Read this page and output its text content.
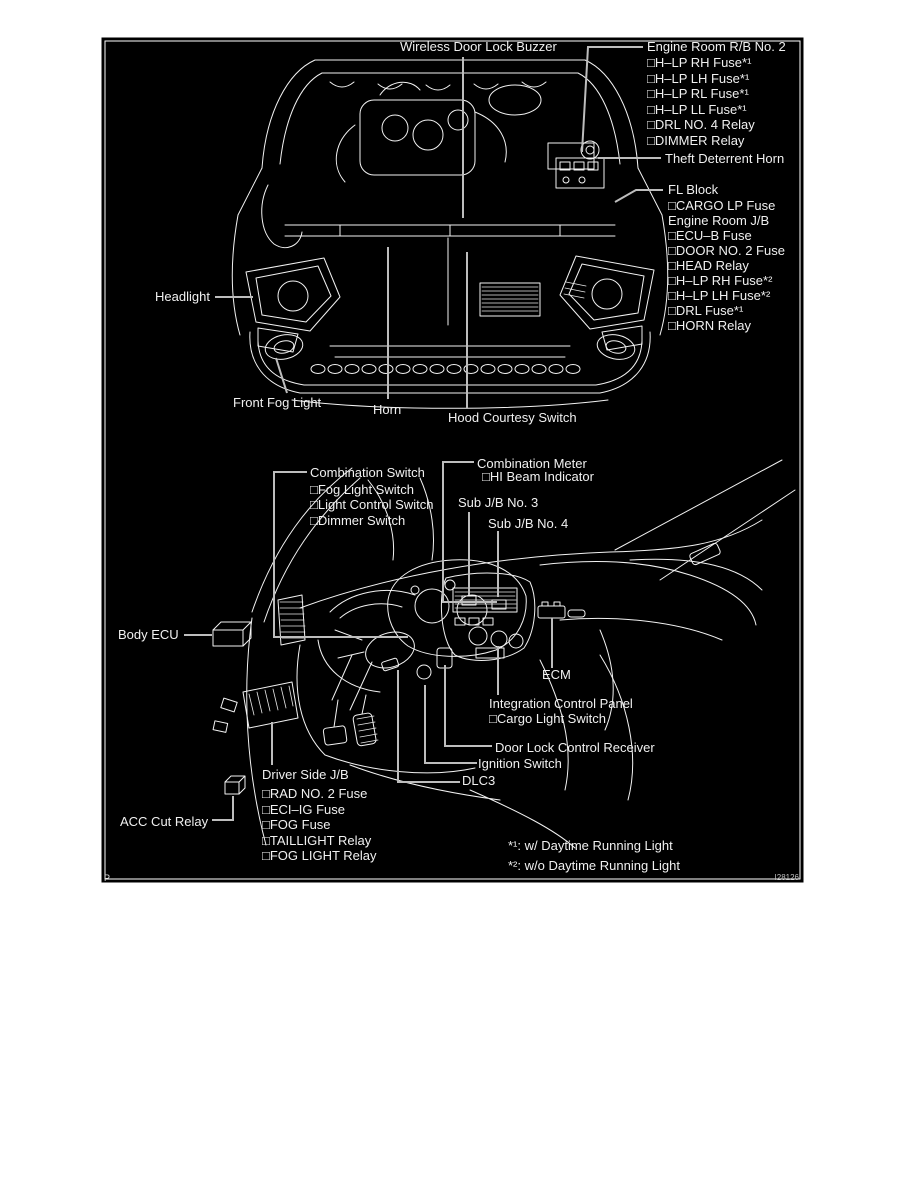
Wireless Door Lock Buzzer	Engine Room R/B No. 2
□H–LP RH Fuse*¹
□H–LP LH Fuse*¹
□H–LP RL Fuse*¹
□H–LP LL Fuse*¹
□DRL NO. 4 Relay
□DIMMER Relay
Theft Deterrent Horn
FL Block
□CARGO LP Fuse
Engine Room J/B
□ECU–B Fuse
□DOOR NO. 2 Fuse
□HEAD Relay
□H–LP RH Fuse*²
□H–LP LH Fuse*²
□DRL Fuse*¹
□HORN Relay
Headlight
Front Fog Light	Horn
Hood Courtesy Switch
Combination Switch
□Fog Light Switch
□Light Control Switch
□Dimmer Switch
Combination Meter
□HI Beam Indicator
Sub J/B No. 3
Sub J/B No. 4
Body ECU
ECM
Integration Control Panel
□Cargo Light Switch
Door Lock Control Receiver
Ignition Switch
Driver Side J/B
□RAD NO. 2 Fuse
□ECI–IG Fuse
□FOG Fuse
□TAILLIGHT Relay
□FOG LIGHT Relay
DLC3
ACC Cut Relay
*¹: w/ Daytime Running Light
*²: w/o Daytime Running Light
P	I28126
